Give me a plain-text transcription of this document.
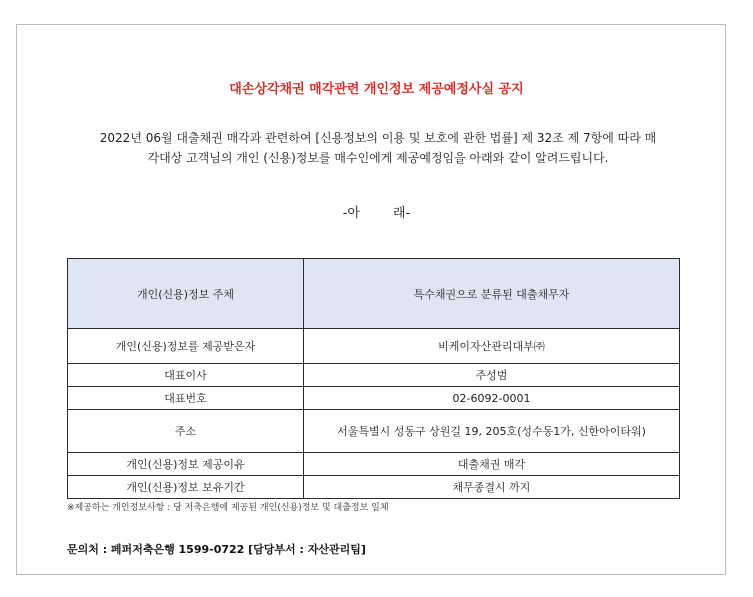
대손상각채권 매각관련 개인정보 제공예정사실 공지
2022년 06월 대출채권 매각과 관련하여 [신용정보의 이용 및 보호에 관한 법률] 제 32조 제 7항에 따라 매
각대상 고객님의 개인 (신용)정보를 매수인에게 제공예정임을 아래와 같이 알려드립니다.
-아        래-
개인(신용)정보 주체	특수채권으로 분류된 대출채무자
개인(신용)정보를 제공받은자	비케이자산관리대부㈜
대표이사	주성범
대표번호	02-6092-0001
주소	서울특별시 성동구 상원길 19, 205호(성수동1가, 신한아이타워)
개인(신용)정보 제공이유	대출채권 매각
개인(신용)정보 보유기간	채무종결시 까지
※제공하는 개인정보사항 : 당 저축은행에 제공된 개인(신용)정보 및 대출정보 일체
문의처 : 페퍼저축은행 1599-0722 [담당부서 : 자산관리팀]
